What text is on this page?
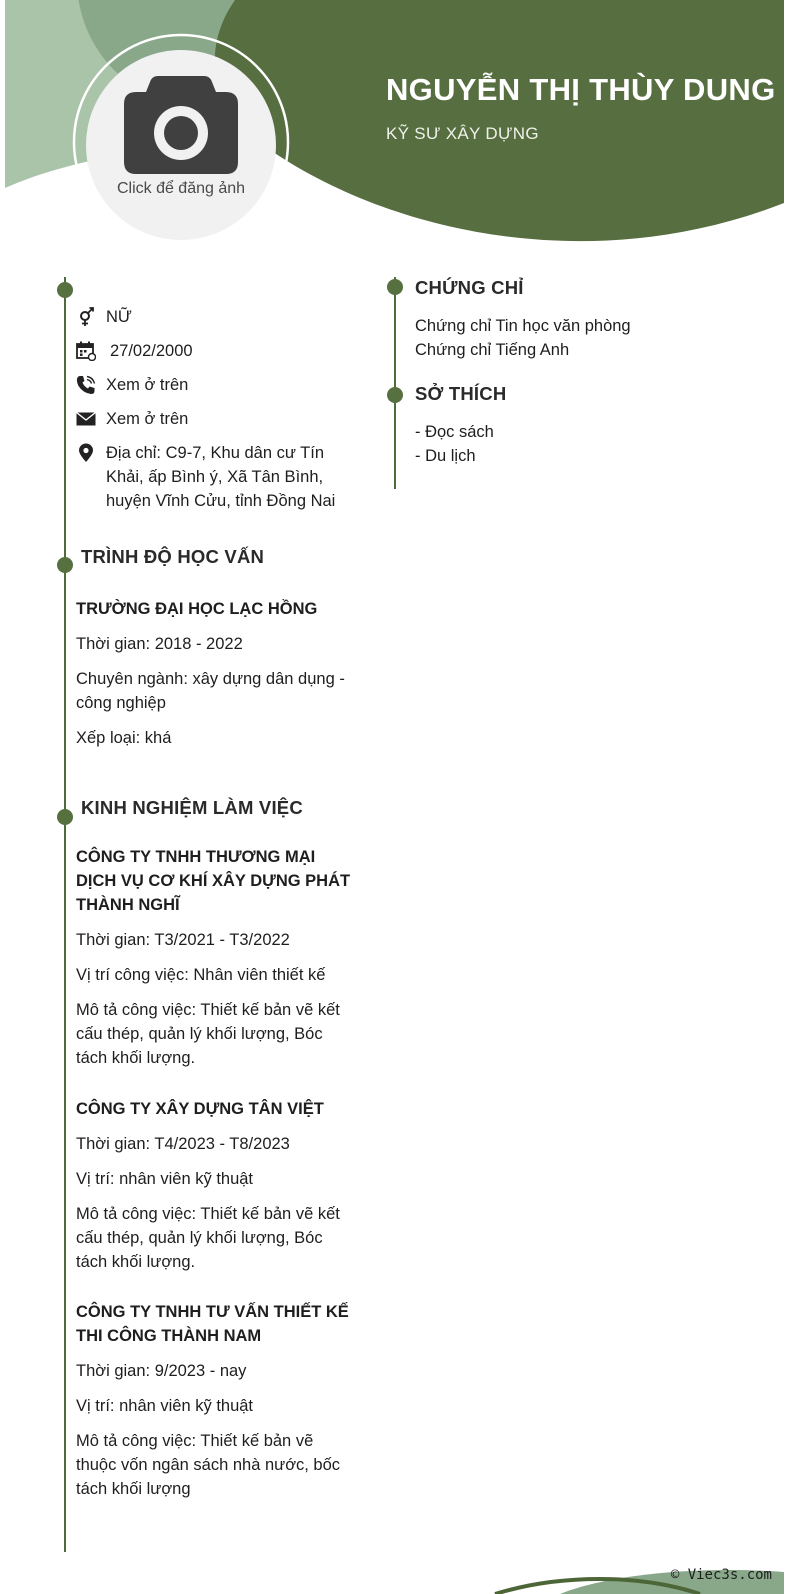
NGUYỄN THỊ THÙY DUNG
KỸ SƯ XÂY DỰNG
Click để đăng ảnh
NỮ
27/02/2000
Xem ở trên
Xem ở trên
Địa chỉ: C9-7, Khu dân cư Tín Khải, ấp Bình ý, Xã Tân Bình, huyện Vĩnh Cửu, tỉnh Đồng Nai
TRÌNH ĐỘ HỌC VẤN
TRƯỜNG ĐẠI HỌC LẠC HỒNG

Thời gian: 2018 - 2022

Chuyên ngành: xây dựng dân dụng - công nghiệp

Xếp loại: khá

KINH NGHIỆM LÀM VIỆC
CÔNG TY TNHH THƯƠNG MẠI DỊCH VỤ CƠ KHÍ XÂY DỰNG PHÁT THÀNH NGHĨ

Thời gian: T3/2021 - T3/2022

Vị trí công việc: Nhân viên thiết kế

Mô tả công việc: Thiết kế bản vẽ kết cấu thép, quản lý khối lượng, Bóc tách khối lượng.

CÔNG TY XÂY DỰNG TÂN VIỆT

Thời gian: T4/2023 - T8/2023

Vị trí: nhân viên kỹ thuật

Mô tả công việc: Thiết kế bản vẽ kết cấu thép, quản lý khối lượng, Bóc tách khối lượng.

CÔNG TY TNHH TƯ VẤN THIẾT KẾ THI CÔNG THÀNH NAM

Thời gian: 9/2023 - nay

Vị trí: nhân viên kỹ thuật

Mô tả công việc: Thiết kế bản vẽ thuộc vốn ngân sách nhà nước, bốc tách khối lượng

CHỨNG CHỈ
Chứng chỉ Tin học văn phòng
Chứng chỉ Tiếng Anh
SỞ THÍCH
- Đọc sách
- Du lịch
© Viec3s.com
